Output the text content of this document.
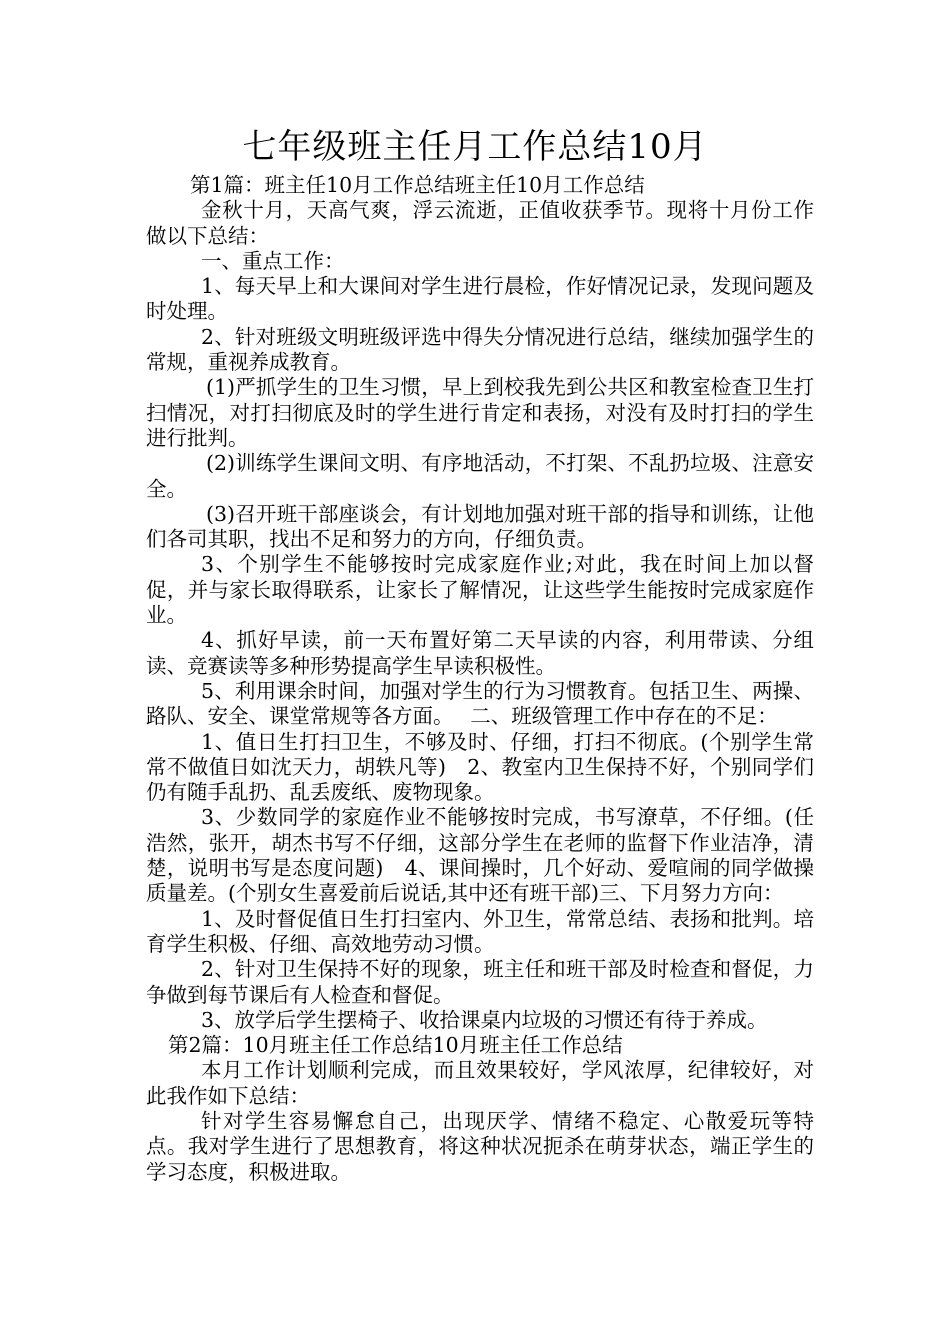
七年级班主任月工作总结10月

第1篇：班主任10月工作总结班主任10月工作总结

金秋十月，天高气爽，浮云流逝，正值收获季节。现将十月份工作做以下总结：

一、重点工作：

1、每天早上和大课间对学生进行晨检，作好情况记录，发现问题及时处理。

2、针对班级文明班级评选中得失分情况进行总结，继续加强学生的常规，重视养成教育。

(1)严抓学生的卫生习惯，早上到校我先到公共区和教室检查卫生打扫情况，对打扫彻底及时的学生进行肯定和表扬，对没有及时打扫的学生进行批判。

(2)训练学生课间文明、有序地活动，不打架、不乱扔垃圾、注意安全。

(3)召开班干部座谈会，有计划地加强对班干部的指导和训练，让他们各司其职，找出不足和努力的方向，仔细负责。

3、个别学生不能够按时完成家庭作业;对此，我在时间上加以督促，并与家长取得联系，让家长了解情况，让这些学生能按时完成家庭作业。

4、抓好早读，前一天布置好第二天早读的内容，利用带读、分组读、竞赛读等多种形势提高学生早读积极性。

5、利用课余时间，加强对学生的行为习惯教育。包括卫生、两操、路队、安全、课堂常规等各方面。　 二、班级管理工作中存在的不足：

1、值日生打扫卫生，不够及时、仔细，打扫不彻底。(个别学生常常不做值日如沈天力，胡轶凡等)　2、教室内卫生保持不好，个别同学们仍有随手乱扔、乱丢废纸、废物现象。

3、少数同学的家庭作业不能够按时完成，书写潦草，不仔细。(任浩然，张开，胡杰书写不仔细，这部分学生在老师的监督下作业洁净，清楚，说明书写是态度问题)　4、课间操时，几个好动、爱喧闹的同学做操质量差。(个别女生喜爱前后说话,其中还有班干部)三、下月努力方向：

1、及时督促值日生打扫室内、外卫生，常常总结、表扬和批判。培育学生积极、仔细、高效地劳动习惯。

2、针对卫生保持不好的现象，班主任和班干部及时检查和督促，力争做到每节课后有人检查和督促。

3、放学后学生摆椅子、收拾课桌内垃圾的习惯还有待于养成。

第2篇：10月班主任工作总结10月班主任工作总结

本月工作计划顺利完成，而且效果较好，学风浓厚，纪律较好，对此我作如下总结：

针对学生容易懈怠自己，出现厌学、情绪不稳定、心散爱玩等特点。我对学生进行了思想教育，将这种状况扼杀在萌芽状态，端正学生的学习态度，积极进取。
